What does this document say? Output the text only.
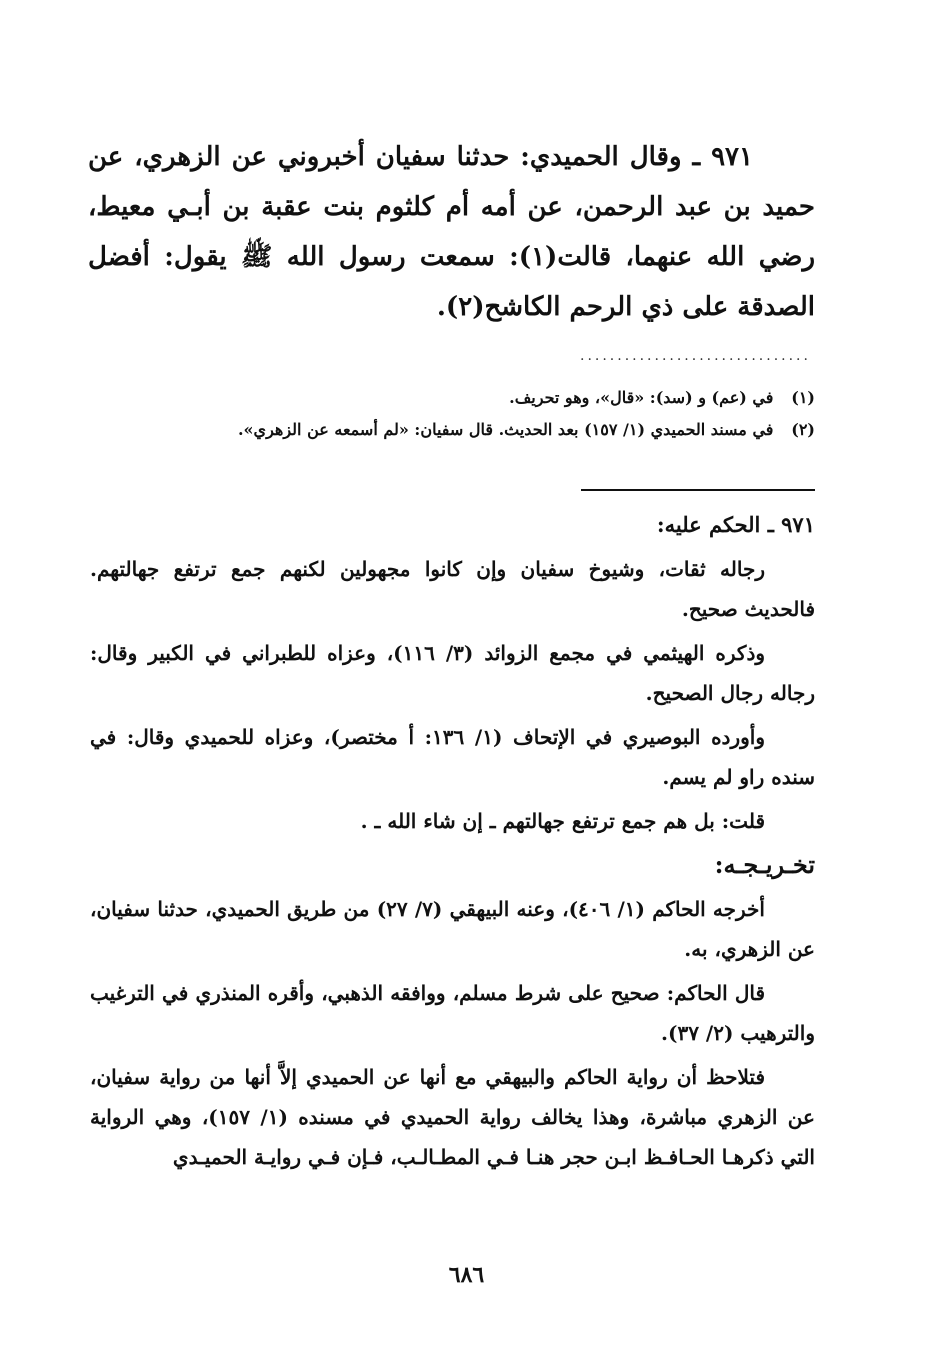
٩٧١ ـ وقال الحميدي: حدثنا سفيان أخبروني عن الزهري، عن حميد بن عبد الرحمن، عن أمه أم كلثوم بنت عقبة بن أبـي معيط، رضي الله عنهما، قالت(١): سمعت رسول الله ﷺ يقول: أفضل الصدقة على ذي الرحم الكاشح(٢).
...............................
(١) في (عم) و (سد): «قال»، وهو تحريف.
(٢) في مسند الحميدي (١/ ١٥٧) بعد الحديث. قال سفيان: «لم أسمعه عن الزهري».

٩٧١ ـ الحكم عليه:

رجاله ثقات، وشيوخ سفيان وإن كانوا مجهولين لكنهم جمع ترتفع جهالتهم. فالحديث صحيح.

وذكره الهيثمي في مجمع الزوائد (٣/ ١١٦)، وعزاه للطبراني في الكبير وقال: رجاله رجال الصحيح.

وأورده البوصيري في الإتحاف (١/ ١٣٦: أ مختصر)، وعزاه للحميدي وقال: في سنده راو لم يسم.

قلت: بل هم جمع ترتفع جهالتهم ـ إن شاء الله ـ .

تخـريـجـه:

أخرجه الحاكم (١/ ٤٠٦)، وعنه البيهقي (٧/ ٢٧) من طريق الحميدي، حدثنا سفيان، عن الزهري، به.

قال الحاكم: صحيح على شرط مسلم، ووافقه الذهبي، وأقره المنذري في الترغيب والترهيب (٢/ ٣٧).

فتلاحظ أن رواية الحاكم والبيهقي مع أنها عن الحميدي إلاَّ أنها من رواية سفيان، عن الزهري مباشرة، وهذا يخالف رواية الحميدي في مسنده (١/ ١٥٧)، وهي الرواية التي ذكرهـا الحـافـظ ابـن حجر هنـا فـي المطـالـب، فـإن فـي روايـة الحميـدي

٦٨٦
